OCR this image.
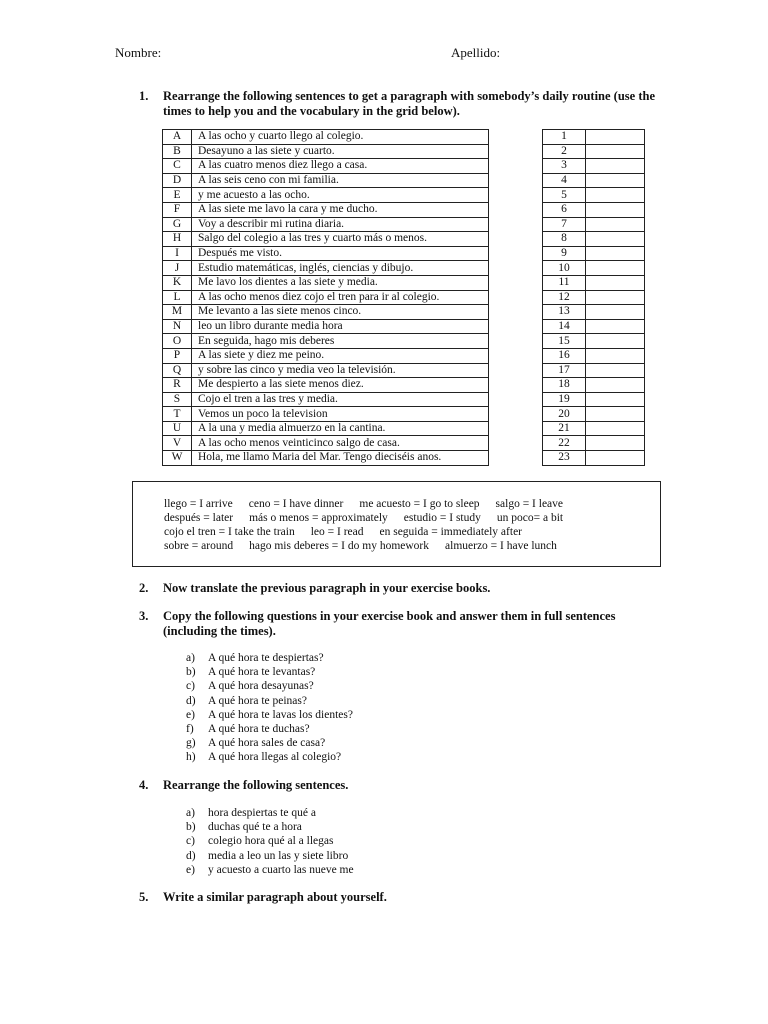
Nombre:	Apellido:
1. Rearrange the following sentences to get a paragraph with somebody’s daily routine (use the times to help you and the vocabulary in the grid below).
A	A las ocho y cuarto llego al colegio.
B	Desayuno a las siete y cuarto.
C	A las cuatro menos diez llego a casa.
D	A las seis ceno con mi familia.
E	y me acuesto a las ocho.
F	A las siete me lavo la cara y me ducho.
G	Voy a describir mi rutina diaria.
H	Salgo del colegio a las tres y cuarto más o menos.
I	Después me visto.
J	Estudio matemáticas, inglés, ciencias y dibujo.
K	Me lavo los dientes a las siete y media.
L	A las ocho menos diez cojo el tren para ir al colegio.
M	Me levanto a las siete menos cinco.
N	leo un libro durante media hora
O	En seguida, hago mis deberes
P	A las siete y diez me peino.
Q	y sobre las cinco y media veo la televisión.
R	Me despierto a las siete menos diez.
S	Cojo el tren a las tres y media.
T	Vemos un poco la television
U	A la una y media almuerzo en la cantina.
V	A las ocho menos veinticinco salgo de casa.
W	Hola, me llamo Maria del Mar. Tengo dieciséis anos.
1	
2	
3	
4	
5	
6	
7	
8	
9	
10	
11	
12	
13	
14	
15	
16	
17	
18	
19	
20	
21	
22	
23	
llego = I arrive ceno = I have dinner me acuesto = I go to sleep salgo = I leave
después = later más o menos = approximately estudio = I study un poco= a bit
cojo el tren = I take the train leo = I read en seguida = immediately after
sobre = around hago mis deberes = I do my homework almuerzo = I have lunch
2. Now translate the previous paragraph in your exercise books.
3. Copy the following questions in your exercise book and answer them in full sentences (including the times).
a)	A qué hora te despiertas?
b)	A qué hora te levantas?
c)	A qué hora desayunas?
d)	A qué hora te peinas?
e)	A qué hora te lavas los dientes?
f)	A qué hora te duchas?
g)	A qué hora sales de casa?
h)	A qué hora llegas al colegio?
4. Rearrange the following sentences.
a)	hora despiertas te qué a
b)	duchas qué te a hora
c)	colegio hora qué al a llegas
d)	media a leo un las y siete libro
e)	y acuesto a cuarto las nueve me
5. Write a similar paragraph about yourself.
